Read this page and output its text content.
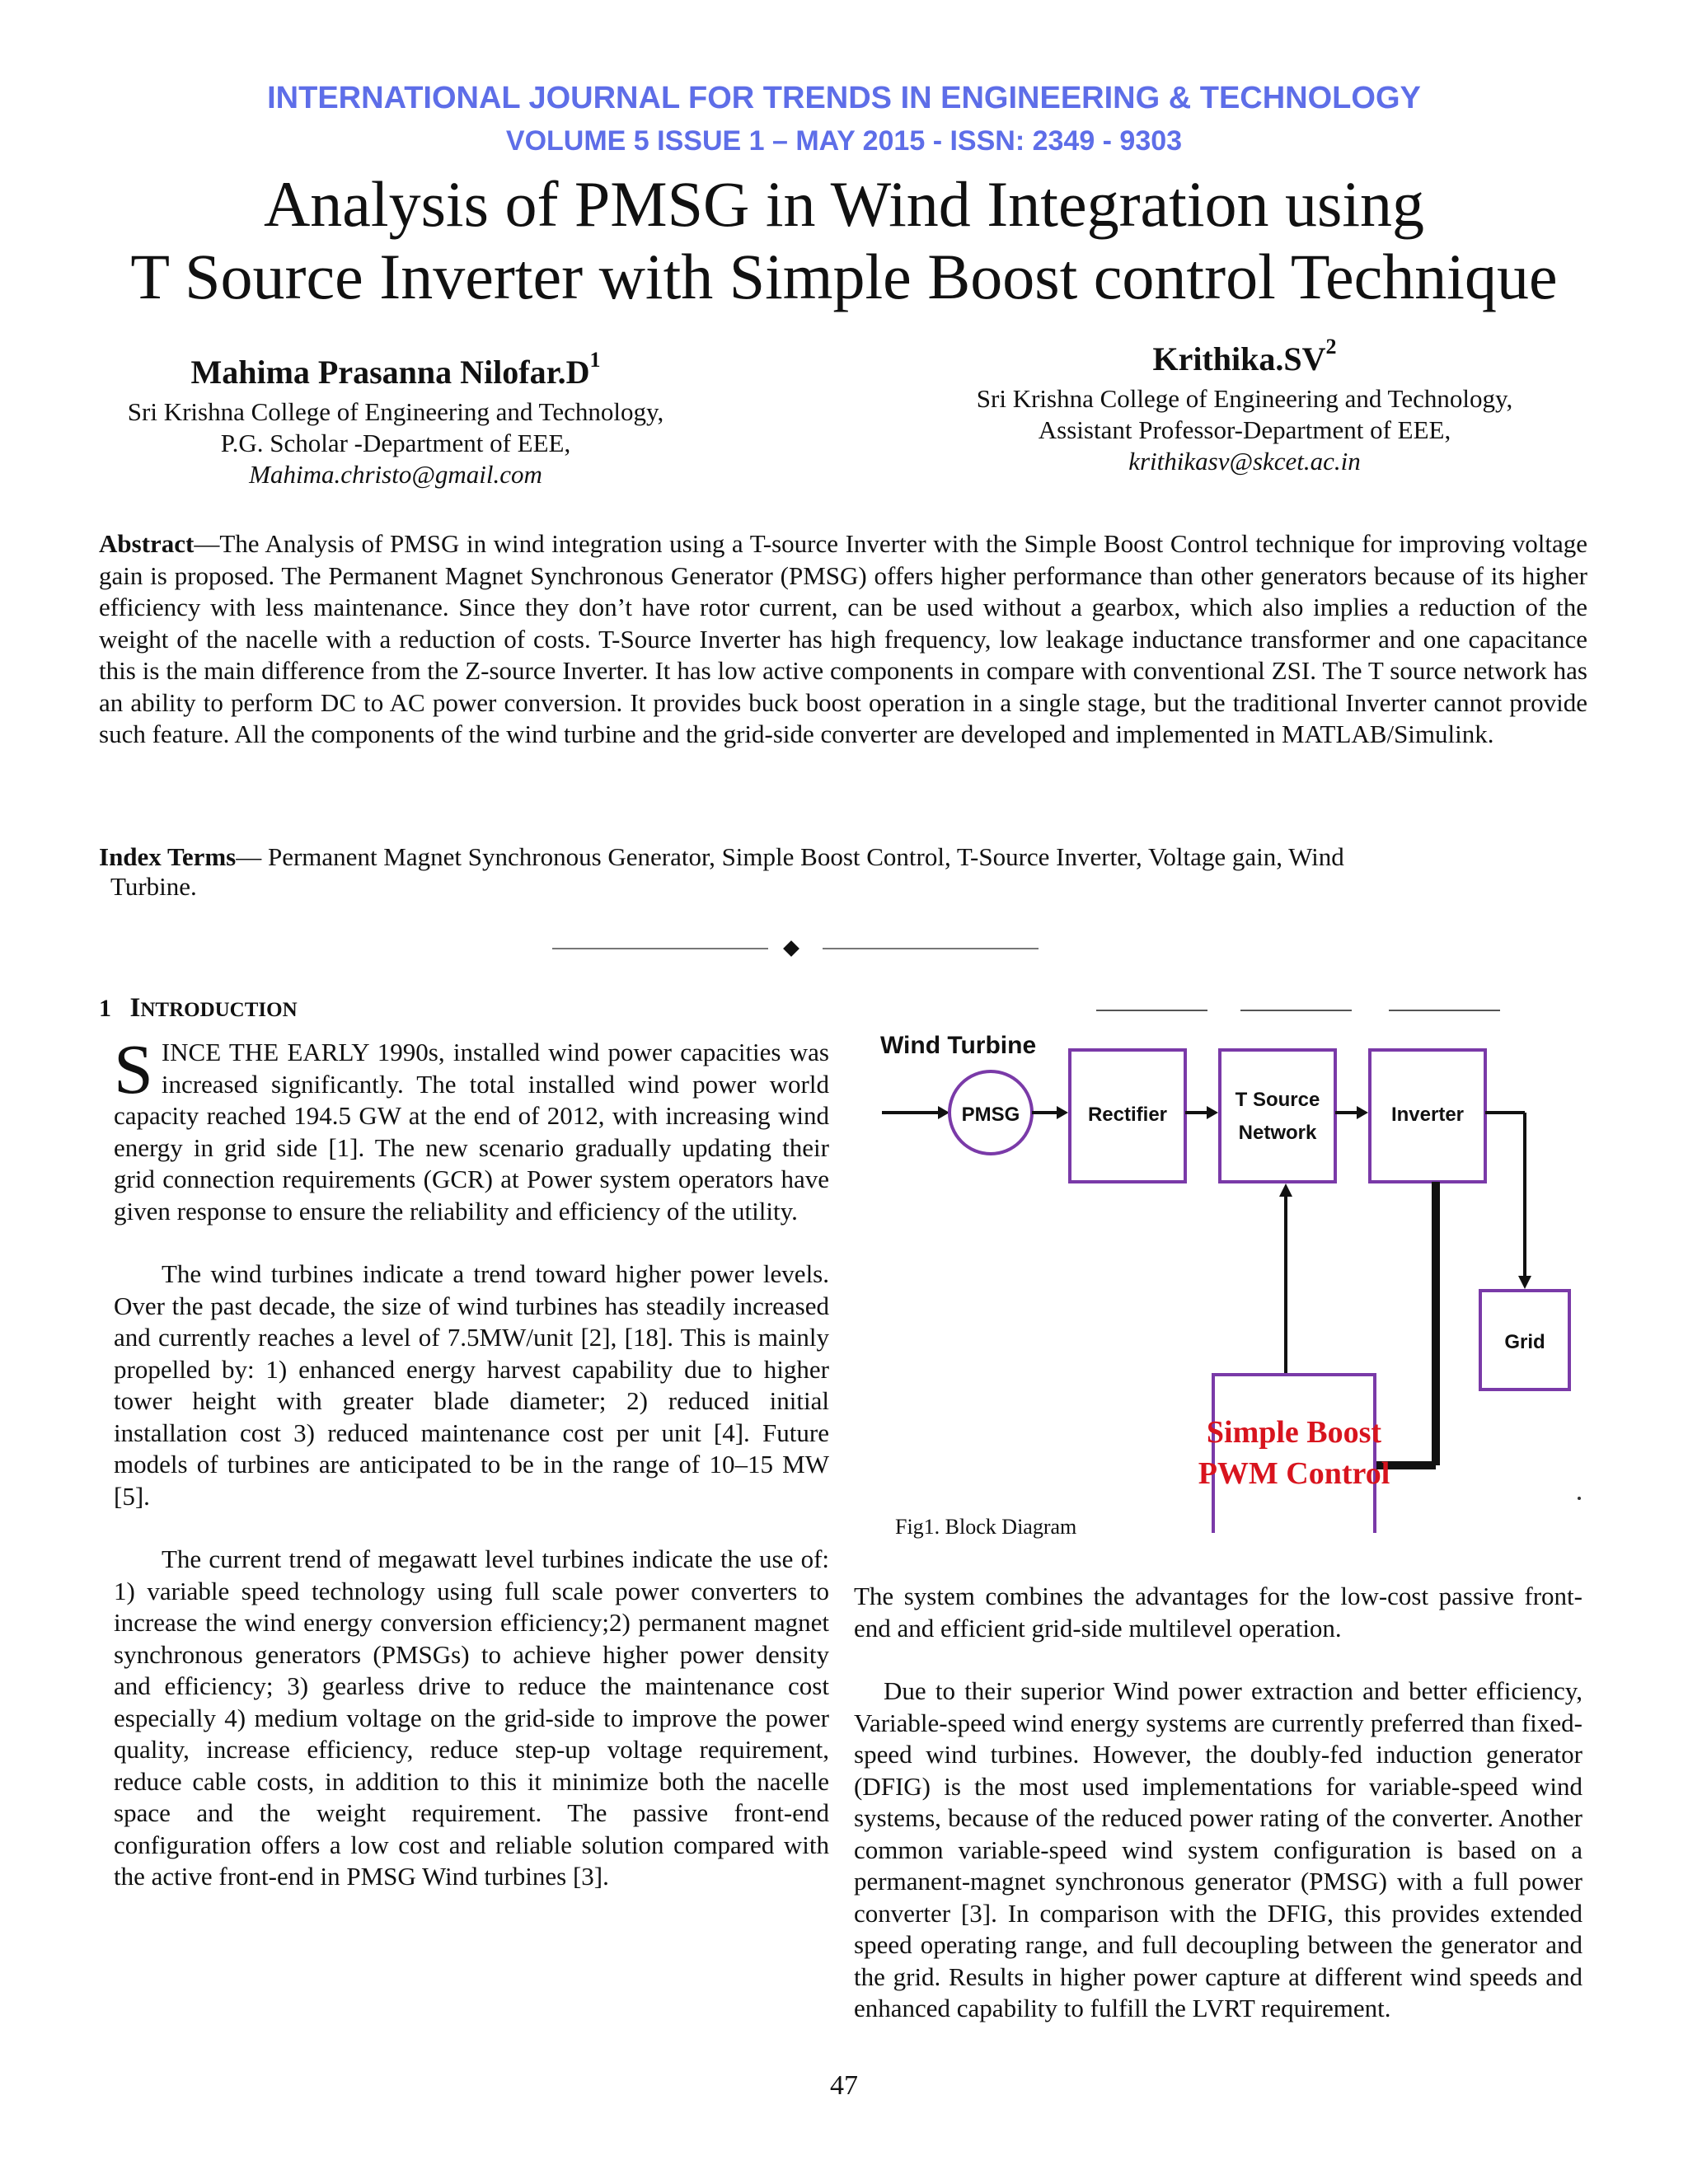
INTERNATIONAL JOURNAL FOR TRENDS IN ENGINEERING & TECHNOLOGY
VOLUME 5 ISSUE 1 – MAY 2015 - ISSN: 2349 - 9303
Analysis of PMSG in Wind Integration using
T Source Inverter with Simple Boost control Technique
Mahima Prasanna $Nilofar.D^1$
Sri Krishna College of Engineering and Technology,
P.G. Scholar -Department of EEE,
Mahima.christo@gmail.com
$Krithika.SV^2$
Sri Krishna College of Engineering and Technology,
Assistant Professor-Department of EEE,
krithikasv@skcet.ac.in
Abstract—The Analysis of PMSG in wind integration using a T-source Inverter with the Simple Boost Control technique for improving voltage gain is proposed. The Permanent Magnet Synchronous Generator (PMSG) offers higher performance than other generators because of its higher efficiency with less maintenance. Since they don’t have rotor current, can be used without a gearbox, which also implies a reduction of the weight of the nacelle with a reduction of costs. T-Source Inverter has high frequency, low leakage inductance transformer and one capacitance this is the main difference from the Z-source Inverter. It has low active components in compare with conventional ZSI. The T source network has an ability to perform DC to AC power conversion. It provides buck boost operation in a single stage, but the traditional Inverter cannot provide such feature. All the components of the wind turbine and the grid-side converter are developed and implemented in MATLAB/Simulink.
Index Terms— Permanent Magnet Synchronous Generator, Simple Boost Control, T-Source Inverter, Voltage gain, Wind
Turbine.
1 INTRODUCTION
S INCE THE EARLY 1990s, installed wind power capacities was increased significantly. The total installed wind power world capacity reached 194.5 GW at the end of 2012, with increasing wind energy in grid side [1]. The new scenario gradually updating their grid connection requirements (GCR) at Power system operators have given response to ensure the reliability and efficiency of the utility.

The wind turbines indicate a trend toward higher power levels. Over the past decade, the size of wind turbines has steadily increased and currently reaches a level of 7.5MW/unit [2], [18]. This is mainly propelled by: 1) enhanced energy harvest capability due to higher tower height with greater blade diameter; 2) reduced initial installation cost 3) reduced maintenance cost per unit [4]. Future models of turbines are anticipated to be in the range of 10–15 MW [5].

The current trend of megawatt level turbines indicate the use of: 1) variable speed technology using full scale power converters to increase the wind energy conversion efficiency;2) permanent magnet synchronous generators (PMSGs) to achieve higher power density and efficiency; 3) gearless drive to reduce the maintenance cost especially 4) medium voltage on the grid-side to improve the power quality, increase efficiency, reduce step-up voltage requirement, reduce cable costs, in addition to this it minimize both the nacelle space and the weight requirement. The passive front-end configuration offers a low cost and reliable solution compared with the active front-end in PMSG Wind turbines [3].

Wind Turbine
PMSG	Rectifier
T Source
Network
Inverter
Grid
Simple Boost
PWM Control
Fig1. Block Diagram
The system combines the advantages for the low-cost passive front-end and efficient grid-side multilevel operation.
Due to their superior Wind power extraction and better efficiency, Variable-speed wind energy systems are currently preferred than fixed-speed wind turbines. However, the doubly-fed induction generator (DFIG) is the most used implementations for variable-speed wind systems, because of the reduced power rating of the converter. Another common variable-speed wind system configuration is based on a permanent-magnet synchronous generator (PMSG) with a full power converter [3]. In comparison with the DFIG, this provides extended speed operating range, and full decoupling between the generator and the grid. Results in higher power capture at different wind speeds and enhanced capability to fulfill the LVRT requirement.
47
